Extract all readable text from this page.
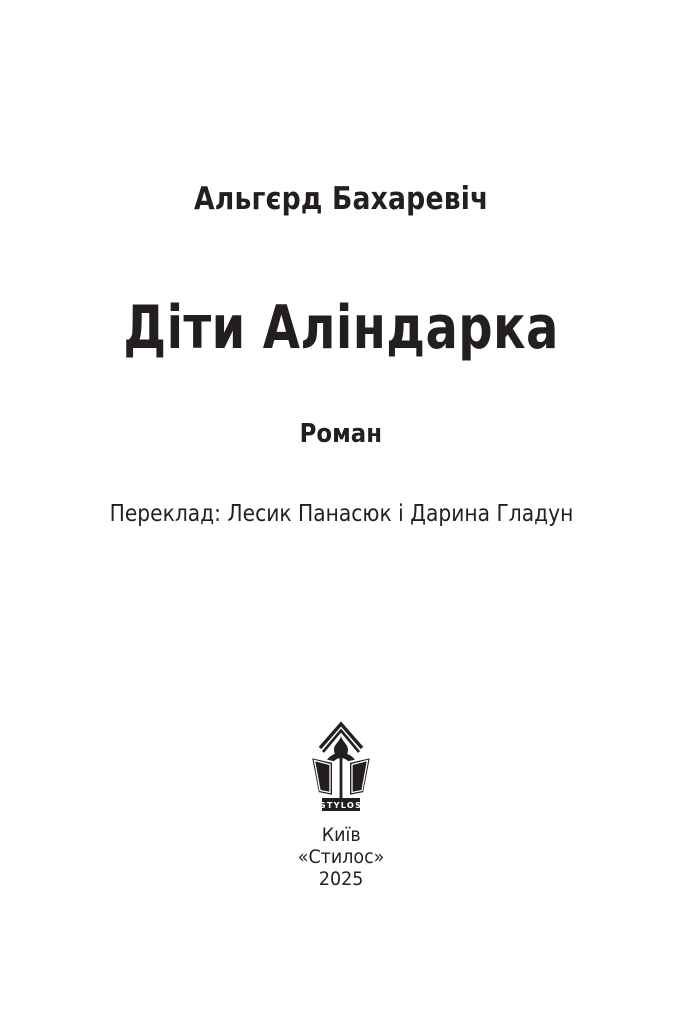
Альгєрд Бахаревіч
Діти Аліндарка
Роман
Переклад: Лесик Панасюк і Дарина Гладун
STYLOS
Київ
«Стилос»
2025
